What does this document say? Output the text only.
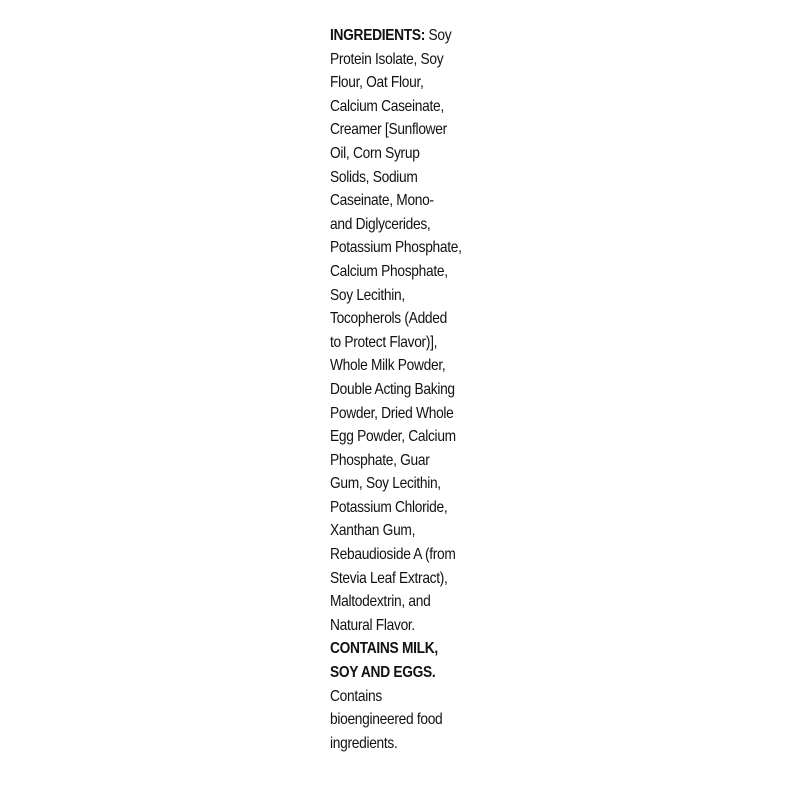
INGREDIENTS: Soy
Protein Isolate, Soy
Flour, Oat Flour,
Calcium Caseinate,
Creamer [Sunflower
Oil, Corn Syrup
Solids, Sodium
Caseinate, Mono-
and Diglycerides,
Potassium Phosphate,
Calcium Phosphate,
Soy Lecithin,
Tocopherols (Added
to Protect Flavor)],
Whole Milk Powder,
Double Acting Baking
Powder, Dried Whole
Egg Powder, Calcium
Phosphate, Guar
Gum, Soy Lecithin,
Potassium Chloride,
Xanthan Gum,
Rebaudioside A (from
Stevia Leaf Extract),
Maltodextrin, and
Natural Flavor.
CONTAINS MILK,
SOY AND EGGS.
Contains
bioengineered food
ingredients.
